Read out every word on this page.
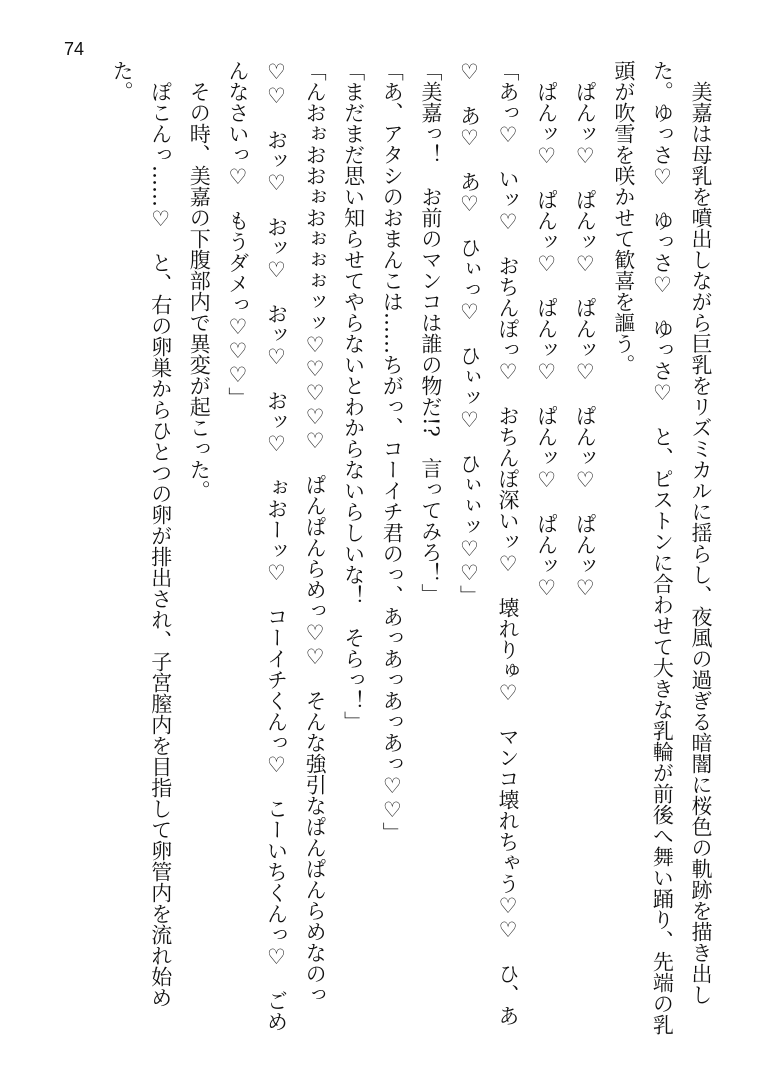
74

　美嘉は母乳を噴出しながら巨乳をリズミカルに揺らし、夜風の過ぎる暗闇に桜色の軌跡を描き出した。ゆっさ♡　ゆっさ♡　ゆっさ♡　と、ピストンに合わせて大きな乳輪が前後へ舞い踊り、先端の乳頭が吹雪を咲かせて歓喜を謳う。

　ぱんッ♡　ぱんッ♡　ぱんッ♡　ぱんッ♡　ぱんッ♡

　ぱんッ♡　ぱんッ♡　ぱんッ♡　ぱんッ♡　ぱんッ♡

「あっ♡　いッ♡　おちんぽっ♡　おちんぽ深いッ♡　壊れりゅ♡　マンコ壊れちゃう♡♡　ひ、あ♡　あ♡　あ♡　ひぃっ♡　ひぃッ♡　ひぃぃッ♡♡」

「美嘉っ！　お前のマンコは誰の物だ!?　言ってみろ！」

「あ、アタシのおまんこは……ちがっ、コーイチ君のっ、あっあっあっあっ♡♡」

「まだまだ思い知らせてやらないとわからないらしいな！　そらっ！」

「んおぉおおぉおぉぉぉッッ♡♡♡♡♡　ぱんぱんらめっ♡♡　そんな強引なぱんぱんらめなのっ♡♡　おッ♡　おッ♡　おッ♡　おッ♡　ぉおーッ♡　コーイチくんっ♡　こーいちくんっ♡　ごめんなさいっ♡　もうダメっ♡♡♡」

　その時、美嘉の下腹部内で異変が起こった。

　ぽこんっ……♡　と、右の卵巣からひとつの卵が排出され、子宮膣内を目指して卵管内を流れ始めた。
